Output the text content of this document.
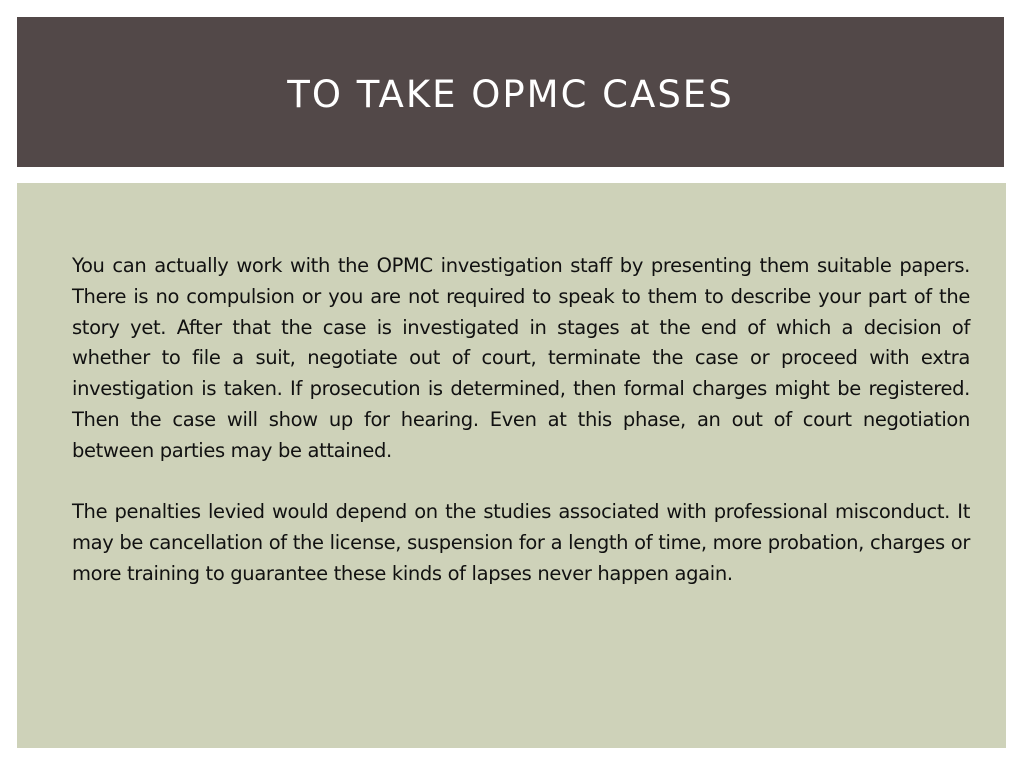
TO TAKE OPMC CASES

You can actually work with the OPMC investigation staff by presenting them suitable papers. There is no compulsion or you are not required to speak to them to describe your part of the story yet. After that the case is investigated in stages at the end of which a decision of whether to file a suit, negotiate out of court, terminate the case or proceed with extra investigation is taken. If prosecution is determined, then formal charges might be registered. Then the case will show up for hearing. Even at this phase, an out of court negotiation between parties may be attained.

The penalties levied would depend on the studies associated with professional misconduct. It may be cancellation of the license, suspension for a length of time, more probation, charges or more training to guarantee these kinds of lapses never happen again.
